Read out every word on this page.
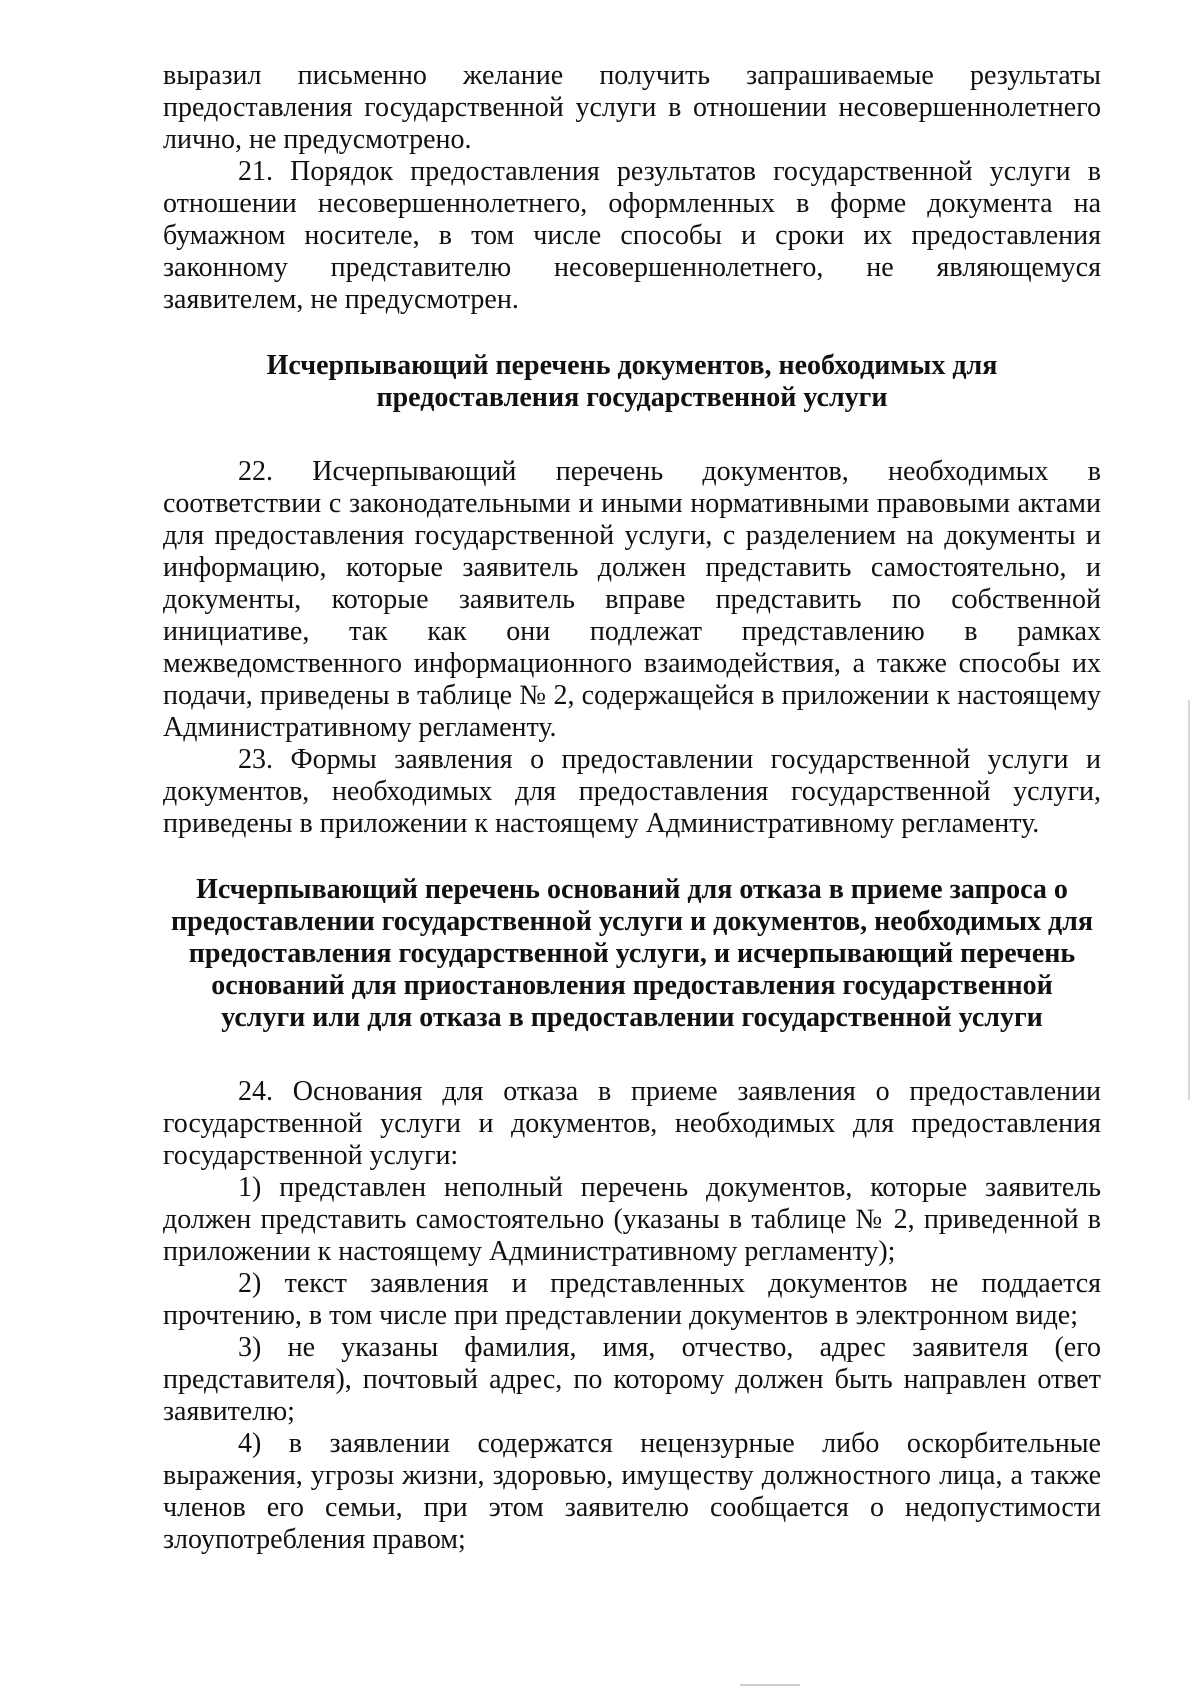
выразил письменно желание получить запрашиваемые результаты предоставления государственной услуги в отношении несовершеннолетнего лично, не предусмотрено.

21. Порядок предоставления результатов государственной услуги в отношении несовершеннолетнего, оформленных в форме документа на бумажном носителе, в том числе способы и сроки их предоставления законному представителю несовершеннолетнего, не являющемуся заявителем, не предусмотрен.

Исчерпывающий перечень документов, необходимых для
предоставления государственной услуги

22. Исчерпывающий перечень документов, необходимых в соответствии с законодательными и иными нормативными правовыми актами для предоставления государственной услуги, с разделением на документы и информацию, которые заявитель должен представить самостоятельно, и документы, которые заявитель вправе представить по собственной инициативе, так как они подлежат представлению в рамках межведомственного информационного взаимодействия, а также способы их подачи, приведены в таблице № 2, содержащейся в приложении к настоящему Административному регламенту.

23. Формы заявления о предоставлении государственной услуги и документов, необходимых для предоставления государственной услуги, приведены в приложении к настоящему Административному регламенту.

Исчерпывающий перечень оснований для отказа в приеме запроса о
предоставлении государственной услуги и документов, необходимых для
предоставления государственной услуги, и исчерпывающий перечень
оснований для приостановления предоставления государственной
услуги или для отказа в предоставлении государственной услуги

24. Основания для отказа в приеме заявления о предоставлении государственной услуги и документов, необходимых для предоставления государственной услуги:

1) представлен неполный перечень документов, которые заявитель должен представить самостоятельно (указаны в таблице № 2, приведенной в приложении к настоящему Административному регламенту);

2) текст заявления и представленных документов не поддается прочтению, в том числе при представлении документов в электронном виде;

3) не указаны фамилия, имя, отчество, адрес заявителя (его представителя), почтовый адрес, по которому должен быть направлен ответ заявителю;

4) в заявлении содержатся нецензурные либо оскорбительные выражения, угрозы жизни, здоровью, имуществу должностного лица, а также членов его семьи, при этом заявителю сообщается о недопустимости злоупотребления правом;
